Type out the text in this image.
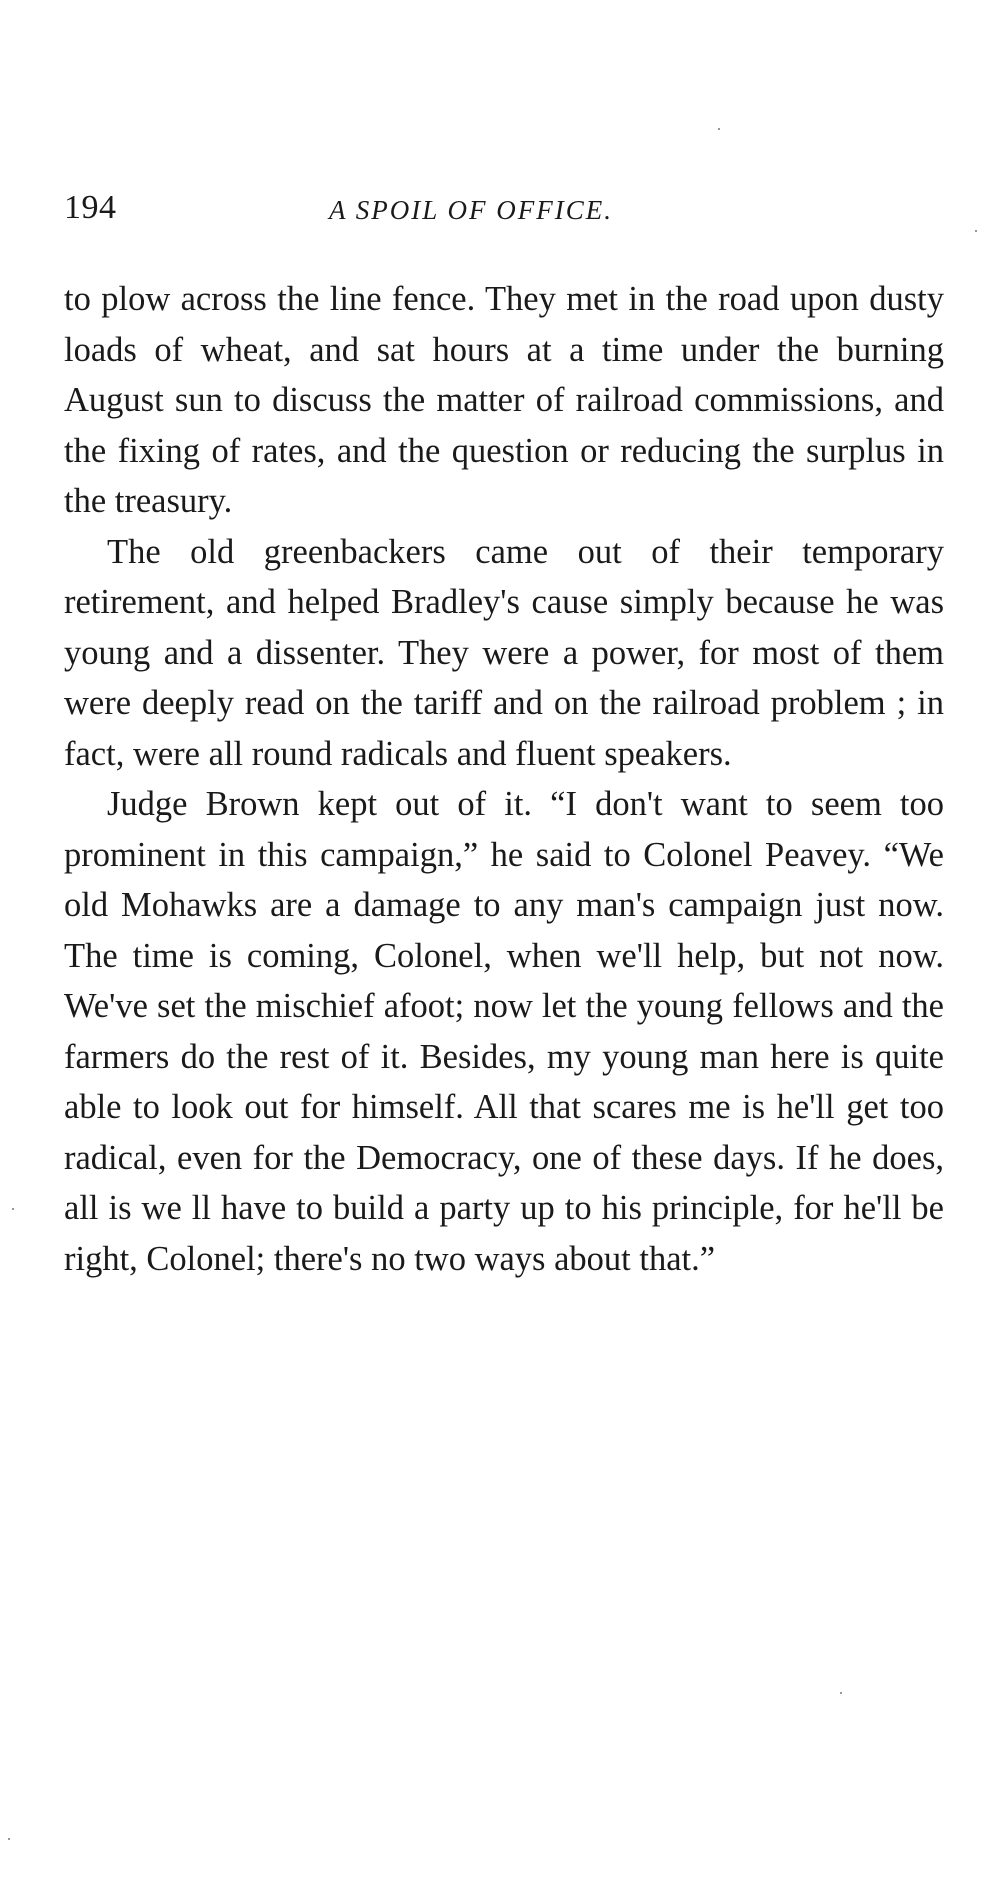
194	A SPOIL OF OFFICE.

to plow across the line fence. They met in the road upon dusty loads of wheat, and sat hours at a time under the burning August sun to discuss the matter of railroad commissions, and the fixing of rates, and the question or reducing the surplus in the treasury.

The old greenbackers came out of their temporary retirement, and helped Bradley's cause simply because he was young and a dissenter. They were a power, for most of them were deeply read on the tariff and on the railroad problem ; in fact, were all round radicals and fluent speakers.

Judge Brown kept out of it. “I don't want to seem too prominent in this campaign,” he said to Colonel Peavey. “We old Mohawks are a damage to any man's campaign just now. The time is coming, Colonel, when we'll help, but not now. We've set the mischief afoot; now let the young fellows and the farmers do the rest of it. Besides, my young man here is quite able to look out for himself. All that scares me is he'll get too radical, even for the Democracy, one of these days. If he does, all is we ll have to build a party up to his principle, for he'll be right, Colonel; there's no two ways about that.”
